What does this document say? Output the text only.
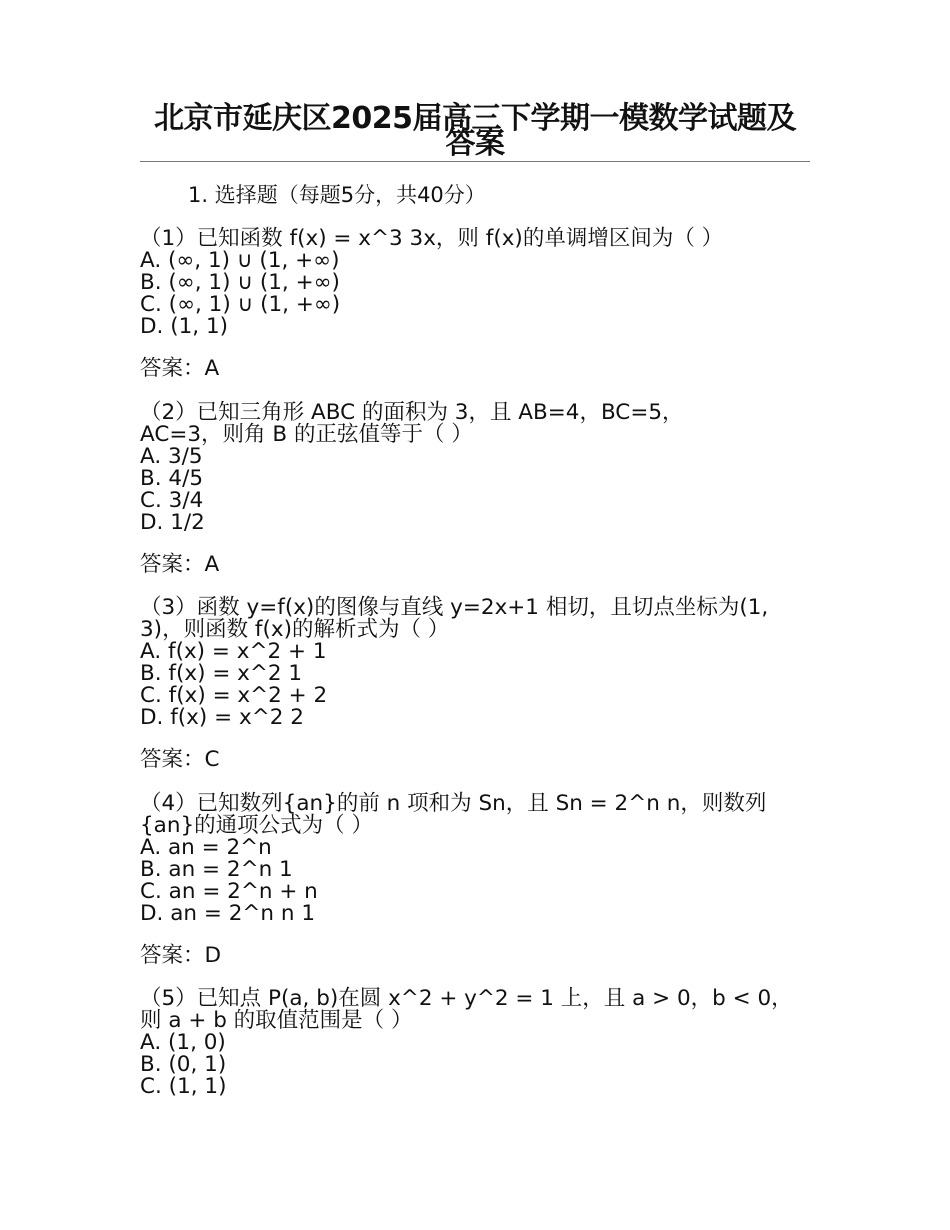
北京市延庆区2025届高三下学期一模数学试题及答案
1. 选择题（每题5分，共40分）
（1）已知函数 f(x) = x^3 3x，则 f(x)的单调增区间为（ ）
A. (∞, 1) ∪ (1, +∞)
B. (∞, 1) ∪ (1, +∞)
C. (∞, 1) ∪ (1, +∞)
D. (1, 1)
答案：A
（2）已知三角形 ABC 的面积为 3，且 AB=4，BC=5，AC=3，则角 B 的正弦值等于（ ）
A. 3/5
B. 4/5
C. 3/4
D. 1/2
答案：A
（3）函数 y=f(x)的图像与直线 y=2x+1 相切，且切点坐标为(1, 3)，则函数 f(x)的解析式为（ ）
A. f(x) = x^2 + 1
B. f(x) = x^2 1
C. f(x) = x^2 + 2
D. f(x) = x^2 2
答案：C
（4）已知数列{an}的前 n 项和为 Sn，且 Sn = 2^n n，则数列{an}的通项公式为（ ）
A. an = 2^n
B. an = 2^n 1
C. an = 2^n + n
D. an = 2^n n 1
答案：D
（5）已知点 P(a, b)在圆 x^2 + y^2 = 1 上，且 a > 0，b < 0，则 a + b 的取值范围是（ ）
A. (1, 0)
B. (0, 1)
C. (1, 1)
